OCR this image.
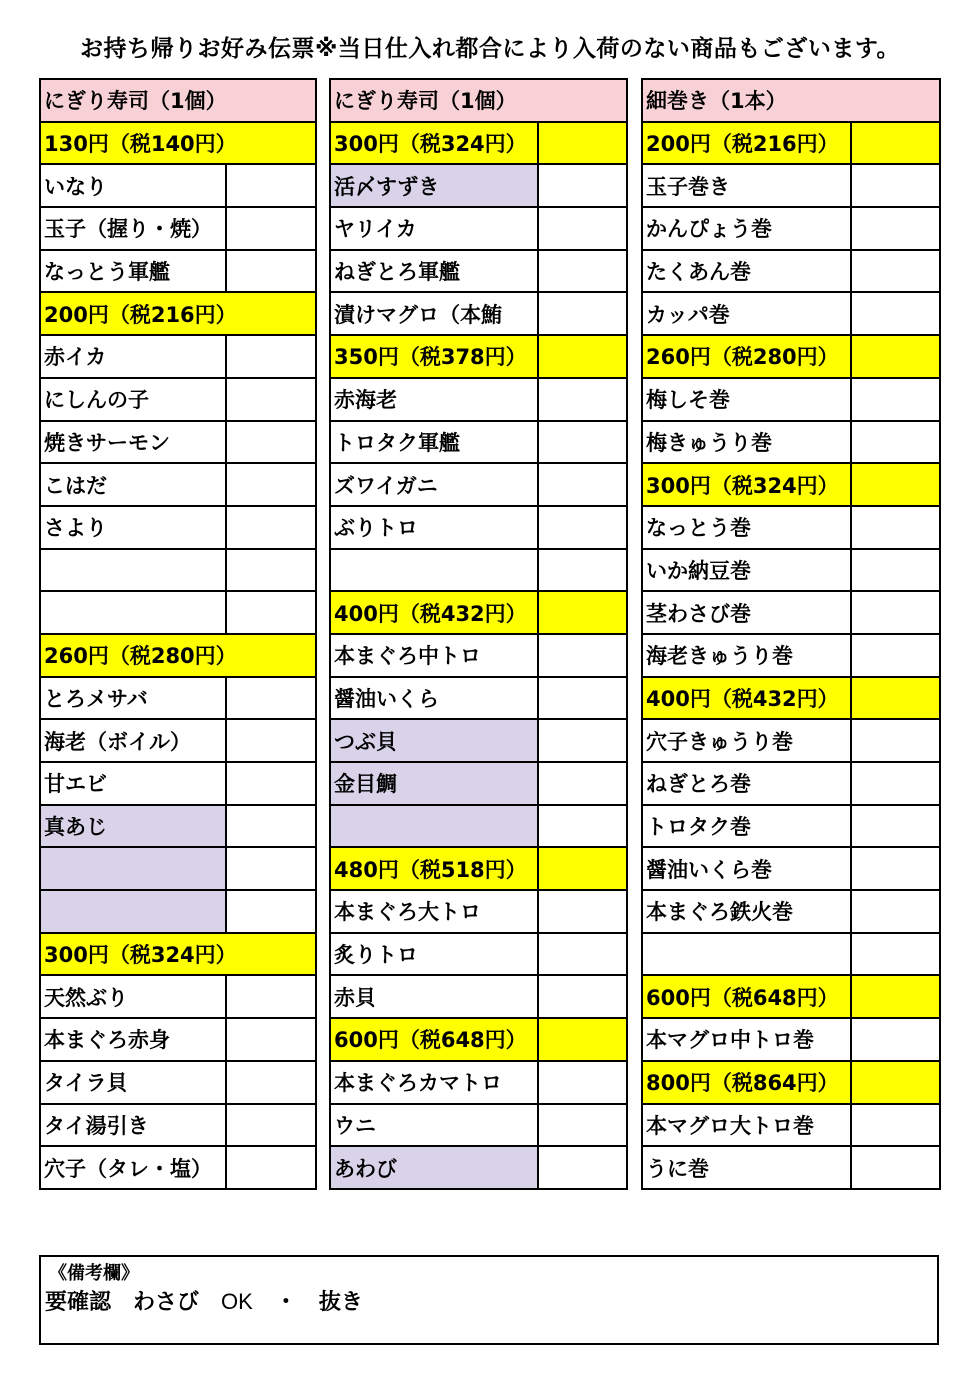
お持ち帰りお好み伝票※当日仕入れ都合により入荷のない商品もございます。
にぎり寿司（1個）	
130円（税140円）	
いなり	
玉子（握り・焼）	
なっとう軍艦	
200円（税216円）	
赤イカ	
にしんの子	
焼きサーモン	
こはだ	
さより	

260円（税280円）	
とろメサバ	
海老（ボイル）	
甘エビ	
真あじ	

300円（税324円）	
天然ぶり	
本まぐろ赤身	
タイラ貝	
タイ湯引き	
穴子（タレ・塩）	
にぎり寿司（1個）	
300円（税324円）	
活〆すずき	
ヤリイカ	
ねぎとろ軍艦	
漬けマグロ（本鮪	
350円（税378円）	
赤海老	
トロタク軍艦	
ズワイガニ	
ぶりトロ	

400円（税432円）	
本まぐろ中トロ	
醤油いくら	
つぶ貝	
金目鯛	

480円（税518円）	
本まぐろ大トロ	
炙りトロ	
赤貝	
600円（税648円）	
本まぐろカマトロ	
ウニ	
あわび	
細巻き（1本）	
200円（税216円）	
玉子巻き	
かんぴょう巻	
たくあん巻	
カッパ巻	
260円（税280円）	
梅しそ巻	
梅きゅうり巻	
300円（税324円）	
なっとう巻	
いか納豆巻	
茎わさび巻	
海老きゅうり巻	
400円（税432円）	
穴子きゅうり巻	
ねぎとろ巻	
トロタク巻	
醤油いくら巻	
本まぐろ鉄火巻	

600円（税648円）	
本マグロ中トロ巻	
800円（税864円）	
本マグロ大トロ巻	
うに巻	
《備考欄》
要確認 わさび OK ・ 抜き
